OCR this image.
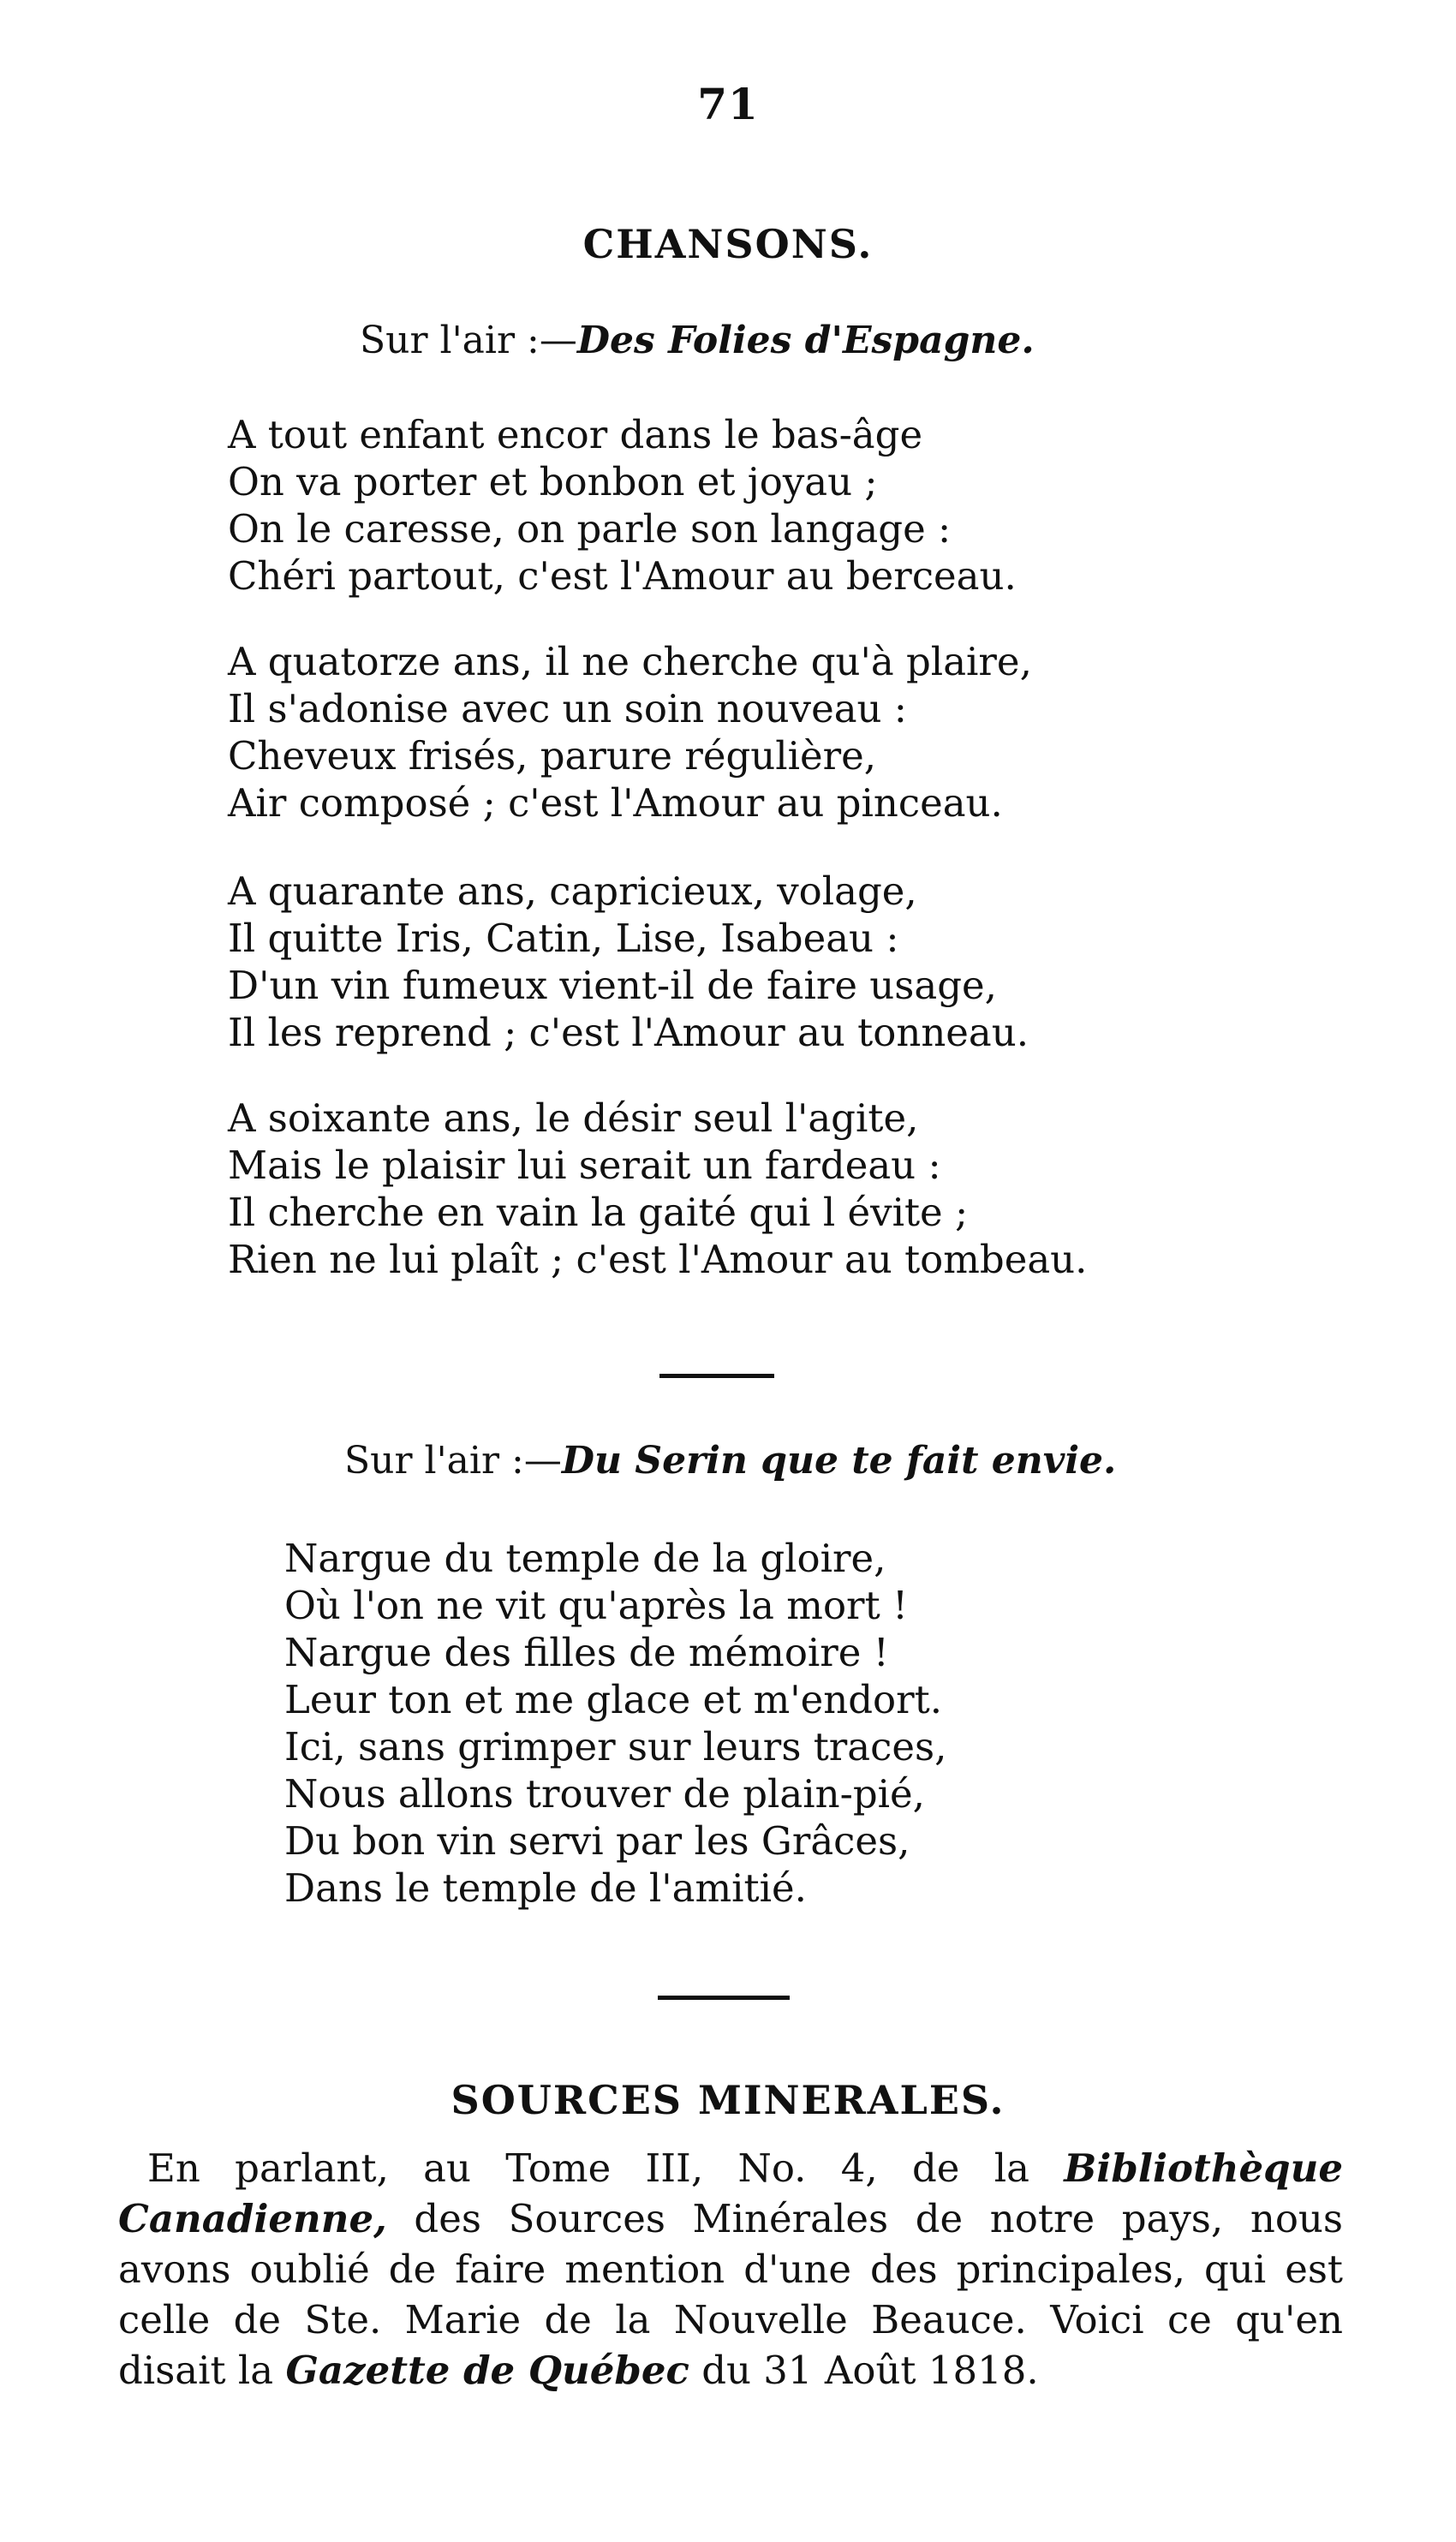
71
CHANSONS.
Sur l'air :—Des Folies d'Espagne.
A tout enfant encor dans le bas-âge
On va porter et bonbon et joyau ;
On le caresse, on parle son langage :
Chéri partout, c'est l'Amour au berceau.
A quatorze ans, il ne cherche qu'à plaire,
Il s'adonise avec un soin nouveau :
Cheveux frisés, parure régulière,
Air composé ; c'est l'Amour au pinceau.
A quarante ans, capricieux, volage,
Il quitte Iris, Catin, Lise, Isabeau :
D'un vin fumeux vient-il de faire usage,
Il les reprend ; c'est l'Amour au tonneau.
A soixante ans, le désir seul l'agite,
Mais le plaisir lui serait un fardeau :
Il cherche en vain la gaité qui l évite ;
Rien ne lui plaît ; c'est l'Amour au tombeau.
Sur l'air :—Du Serin que te fait envie.
Nargue du temple de la gloire,
Où l'on ne vit qu'après la mort !
Nargue des filles de mémoire !
Leur ton et me glace et m'endort.
Ici, sans grimper sur leurs traces,
Nous allons trouver de plain-pié,
Du bon vin servi par les Grâces,
Dans le temple de l'amitié.
SOURCES MINERALES.

En parlant, au Tome III, No. 4, de la Bibliothèque Canadienne, des Sources Minérales de notre pays, nous avons oublié de faire mention d'une des principales, qui est celle de Ste. Marie de la Nouvelle Beauce. Voici ce qu'en disait la Gazette de Québec du 31 Août 1818.
